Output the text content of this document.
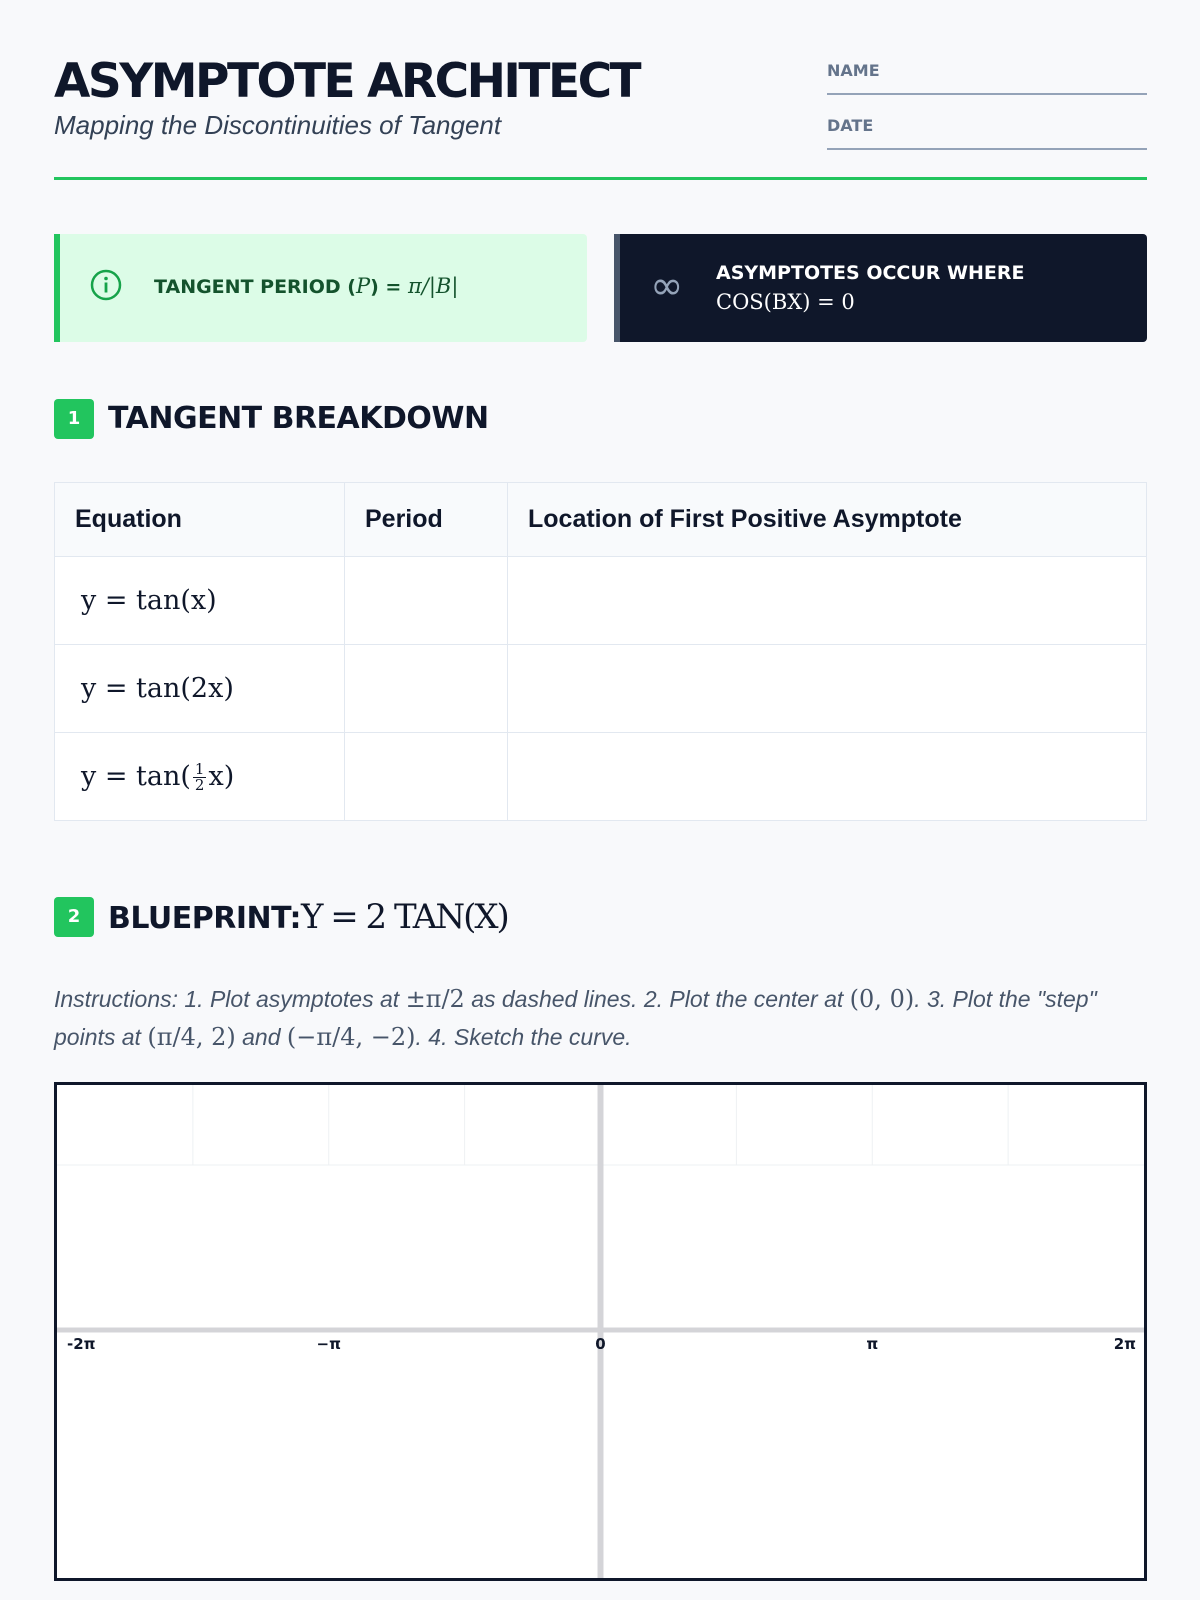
ASYMPTOTE ARCHITECT
Mapping the Discontinuities of Tangent
NAME
DATE
TANGENT PERIOD (P) = π/|B|	∞ ASYMPTOTES OCCUR WHERE
COS(BX) = 0
1 TANGENT BREAKDOWN
Equation	Period	Location of First Positive Asymptote
y = tan(x)		
y = tan(2x)		
$y = \tan( \frac{1}{2} x)$		
2 BLUEPRINT:Y = 2 TAN(X)
Instructions: 1. Plot asymptotes at ±π/2 as dashed lines. 2. Plot the center at (0, 0). 3. Plot the "step" points at (π/4, 2) and (−π/4, −2). 4. Sketch the curve.
-2π	−π	0	π	2π
